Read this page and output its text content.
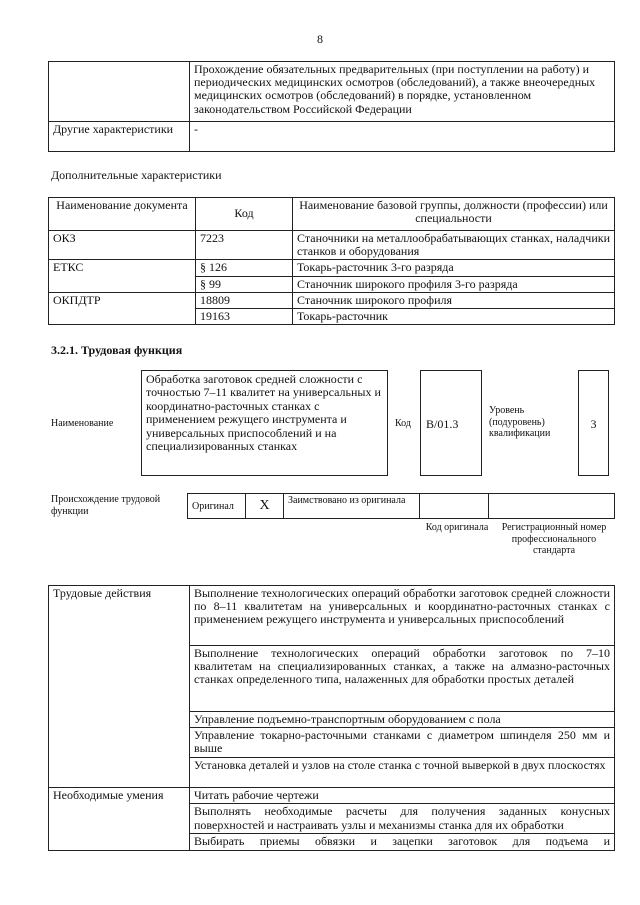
8
	Прохождение обязательных предварительных (при поступлении на работу) и периодических медицинских осмотров (обследований), а также внеочередных медицинских осмотров (обследований) в порядке, установленном законодательством Российской Федерации
Другие характеристики	-
Дополнительные характеристики
Наименование документа	Код	Наименование базовой группы, должности (профессии) или специальности
ОКЗ	7223	Станочники на металлообрабатывающих станках, наладчики станков и оборудования
ЕТКС	§ 126	Токарь-расточник 3-го разряда
	§ 99	Станочник широкого профиля 3-го разряда
ОКПДТР	18809	Станочник широкого профиля
	19163	Токарь-расточник
3.2.1. Трудовая функция
Наименование
Обработка заготовок средней сложности с точностью 7–11 квалитет на универсальных и координатно-расточных станках с применением режущего инструмента и универсальных приспособлений и на специализированных станках
Код	B/01.3
Уровень (подуровень) квалификации
3
Происхождение трудовой функции	Оригинал	X	Заимствовано из оригинала		
Код оригинала	Регистрационный номер профессионального стандарта
Трудовые действия	Выполнение технологических операций обработки заготовок средней сложности по 8–11 квалитетам на универсальных и координатно-расточных станках с применением режущего инструмента и универсальных приспособлений
	Выполнение технологических операций обработки заготовок по 7–10 квалитетам на специализированных станках, а также на алмазно-расточных станках определенного типа, налаженных для обработки простых деталей
	Управление подъемно-транспортным оборудованием с пола
	Управление токарно-расточными станками с диаметром шпинделя 250 мм и выше
	Установка деталей и узлов на столе станка с точной выверкой в двух плоскостях
Необходимые умения	Читать рабочие чертежи
	Выполнять необходимые расчеты для получения заданных конусных поверхностей и настраивать узлы и механизмы станка для их обработки
	Выбирать приемы обвязки и зацепки заготовок для подъема и
